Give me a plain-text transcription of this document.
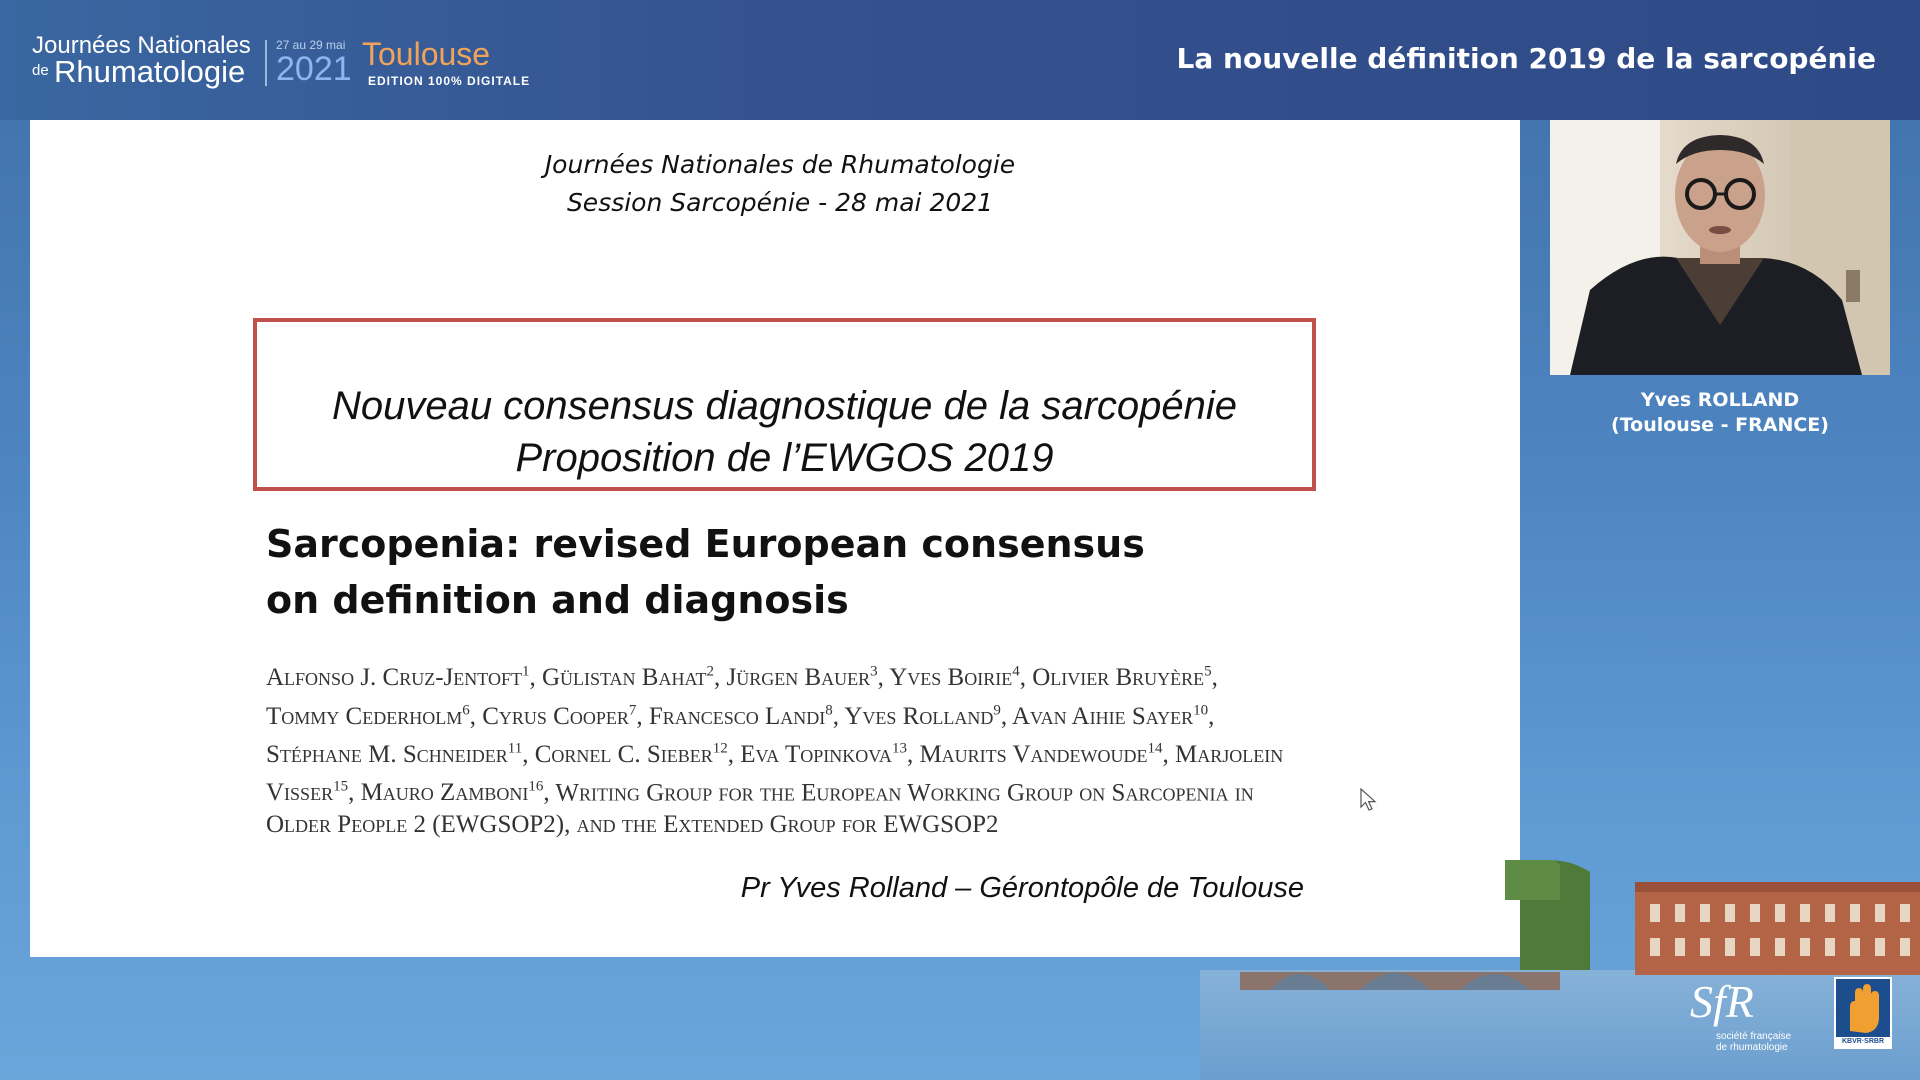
Journées Nationales
de Rhumatologie
27 au 29 mai
2021 Toulouse
EDITION 100% DIGITALE
La nouvelle définition 2019 de la sarcopénie
Journées Nationales de Rhumatologie
Session Sarcopénie - 28 mai 2021
Nouveau consensus diagnostique de la sarcopénie
Proposition de l’EWGOS 2019
Sarcopenia: revised European consensus
on definition and diagnosis
Alfonso J. Cruz-Jentoft$^1$, Gülistan Bahat$^2$, Jürgen Bauer$^3$, Yves Boirie$^4$, Olivier Bruyère$^5$, Tommy Cederholm$^6$, Cyrus Cooper$^7$, Francesco Landi$^8$, Yves Rolland$^9$, Avan Aihie Sayer$^{10}$, Stéphane M. Schneider$^{11}$, Cornel C. Sieber$^{12}$, Eva Topinkova$^{13}$, Maurits Vandewoude$^{14}$, Marjolein Visser$^{15}$, Mauro Zamboni$^{16}$, Writing Group for the European Working Group on Sarcopenia in Older People 2 (EWGSOP2), and the Extended Group for EWGSOP2
Pr Yves Rolland – Gérontopôle de Toulouse
Yves ROLLAND
(Toulouse - FRANCE)
SfR
société française
de rhumatologie
KBVR·SRBR
